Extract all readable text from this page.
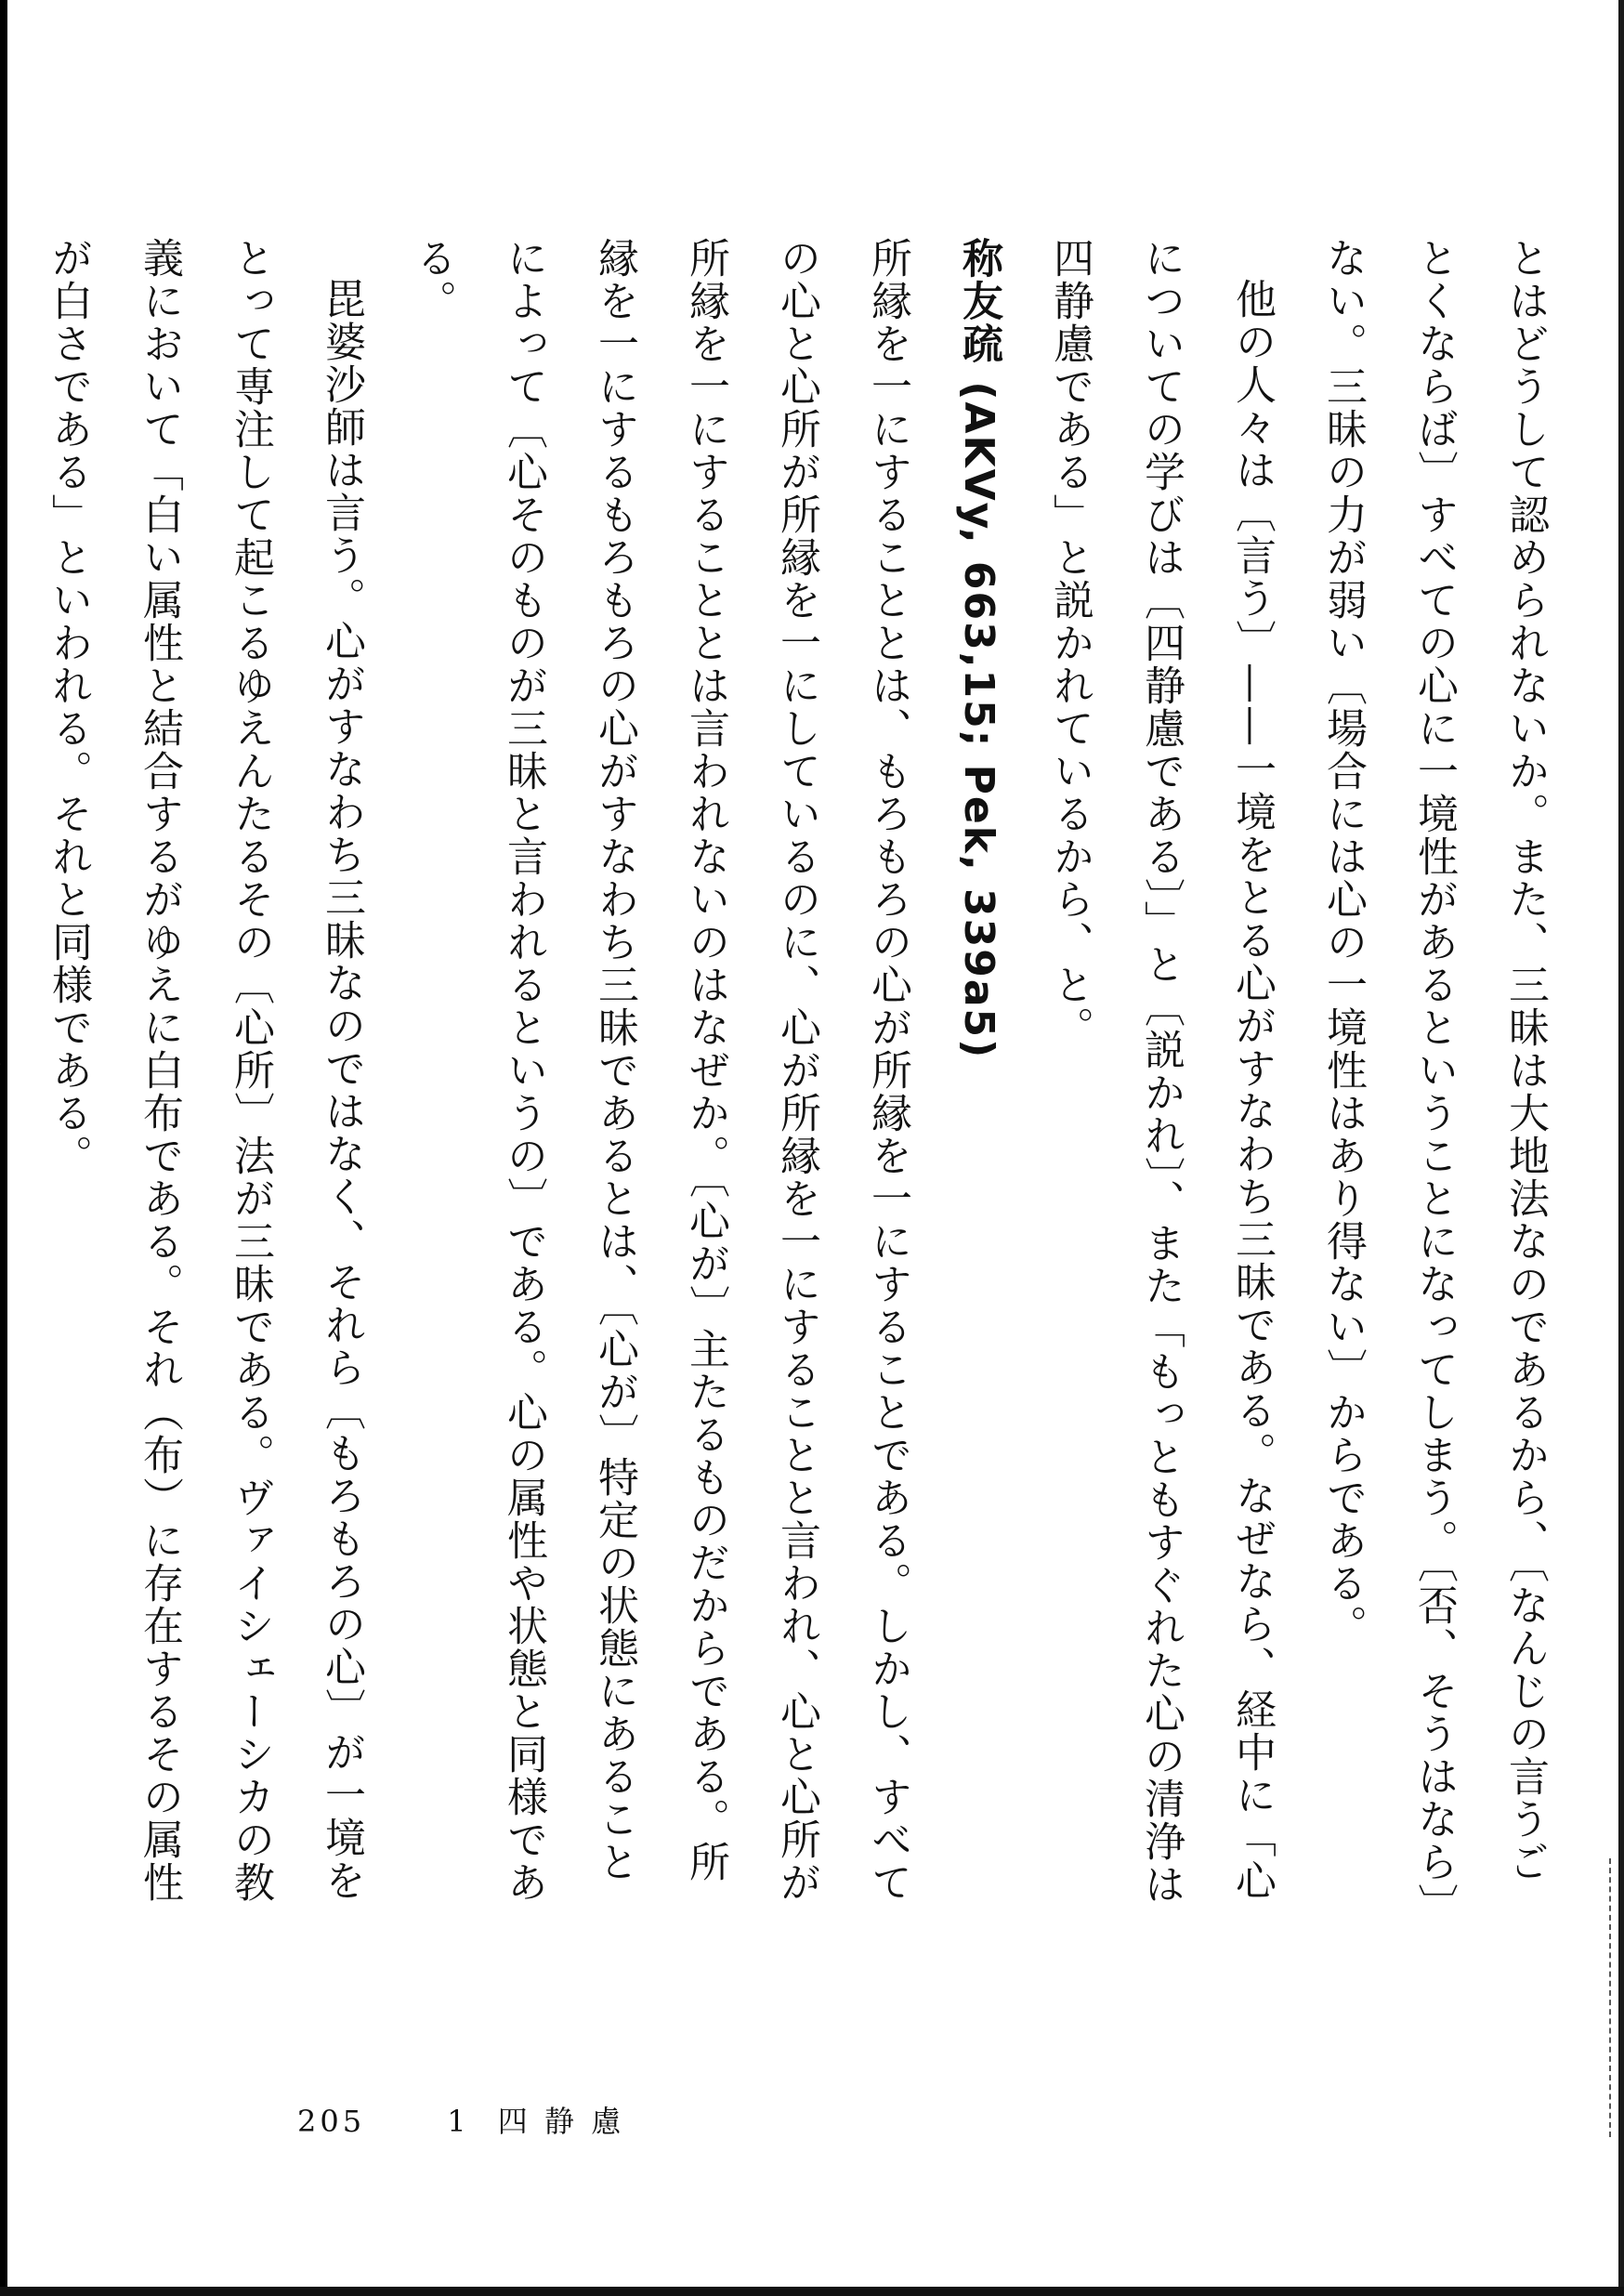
とはどうして認められないか。また、三昧は大地法なのであるから、〔なんじの言うごとくならば〕すべての心に一境性があるということになってしまう。〔否、そうはなら〕ない。三昧の力が弱い〔場合には心の一境性はあり得ない〕からである。

他の人々は〔言う〕——一境をとる心がすなわち三昧である。なぜなら、経中に「心についての学びは〔四静慮である〕」と〔説かれ〕、また「もっともすぐれた心の清浄は四静慮である」と説かれているから、と。

称友疏 (AKVy, 663,15; Pek, 339a5)

所縁を一にすることとは、もろもろの心が所縁を一にすることである。しかし、すべての心と心所が所縁を一にしているのに、心が所縁を一にすることと言われ、心と心所が所縁を一にすることとは言われないのはなぜか。〔心が〕主たるものだからである。所縁を一にするもろもろの心がすなわち三昧であるとは、〔心が〕特定の状態にあることによって〔心そのものが三昧と言われるというの〕である。心の属性や状態と同様である。

毘婆沙師は言う。心がすなわち三昧なのではなく、それら〔もろもろの心〕が一境をとって専注して起こるゆえんたるその〔心所〕法が三昧である。ヴァイシェーシカの教義において「白い属性と結合するがゆえに白布である。それ（布）に存在するその属性が白さである」といわれる。それと同様である。

205	1 四 静 慮
